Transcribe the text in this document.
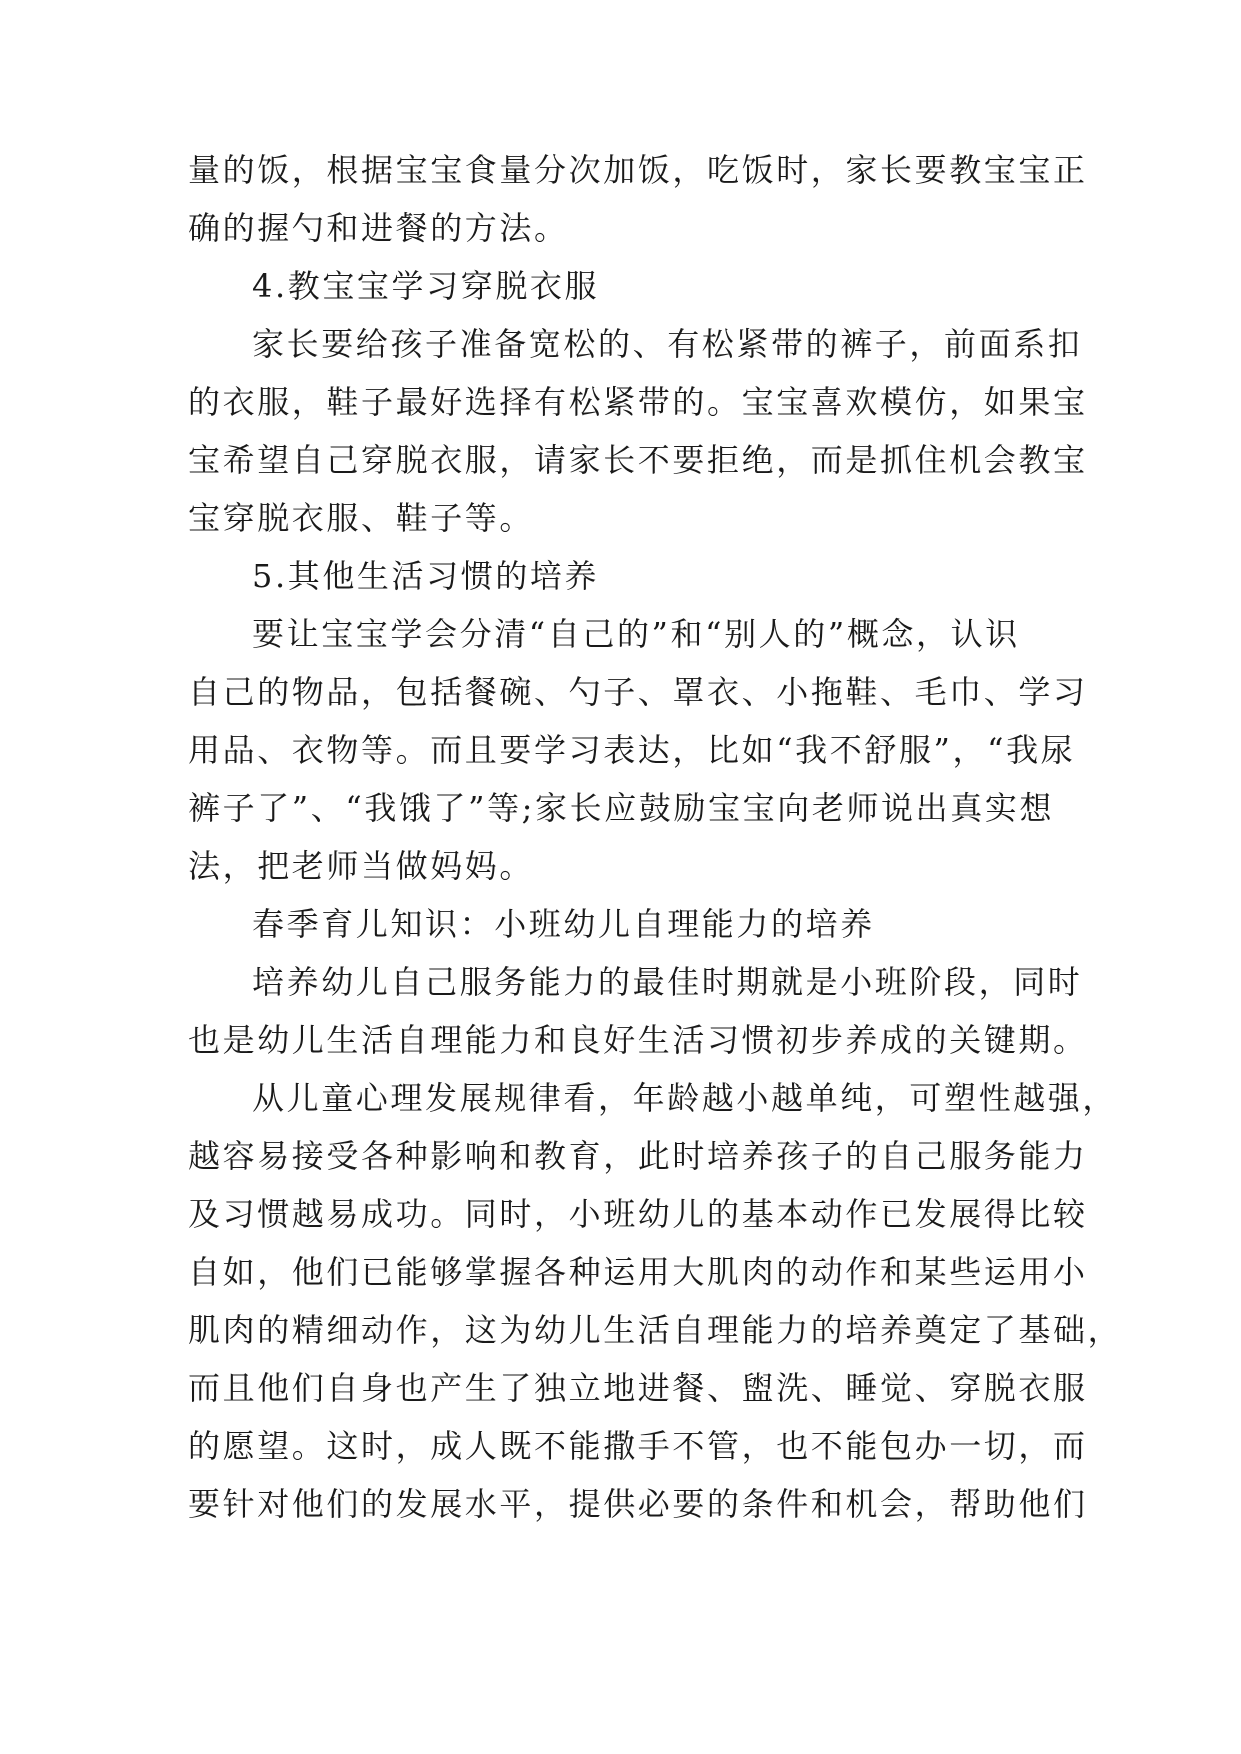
量的饭，根据宝宝食量分次加饭，吃饭时，家长要教宝宝正
确的握勺和进餐的方法。
4.教宝宝学习穿脱衣服
家长要给孩子准备宽松的、有松紧带的裤子，前面系扣
的衣服，鞋子最好选择有松紧带的。宝宝喜欢模仿，如果宝
宝希望自己穿脱衣服，请家长不要拒绝，而是抓住机会教宝
宝穿脱衣服、鞋子等。
5.其他生活习惯的培养
要让宝宝学会分清“自己的”和“别人的”概念，认识
自己的物品，包括餐碗、勺子、罩衣、小拖鞋、毛巾、学习
用品、衣物等。而且要学习表达，比如“我不舒服”，“我尿
裤子了”、“我饿了”等;家长应鼓励宝宝向老师说出真实想
法，把老师当做妈妈。
春季育儿知识：小班幼儿自理能力的培养
培养幼儿自己服务能力的最佳时期就是小班阶段，同时
也是幼儿生活自理能力和良好生活习惯初步养成的关键期。
从儿童心理发展规律看，年龄越小越单纯，可塑性越强，
越容易接受各种影响和教育，此时培养孩子的自己服务能力
及习惯越易成功。同时，小班幼儿的基本动作已发展得比较
自如，他们已能够掌握各种运用大肌肉的动作和某些运用小
肌肉的精细动作，这为幼儿生活自理能力的培养奠定了基础，
而且他们自身也产生了独立地进餐、盥洗、睡觉、穿脱衣服
的愿望。这时，成人既不能撒手不管，也不能包办一切，而
要针对他们的发展水平，提供必要的条件和机会，帮助他们
